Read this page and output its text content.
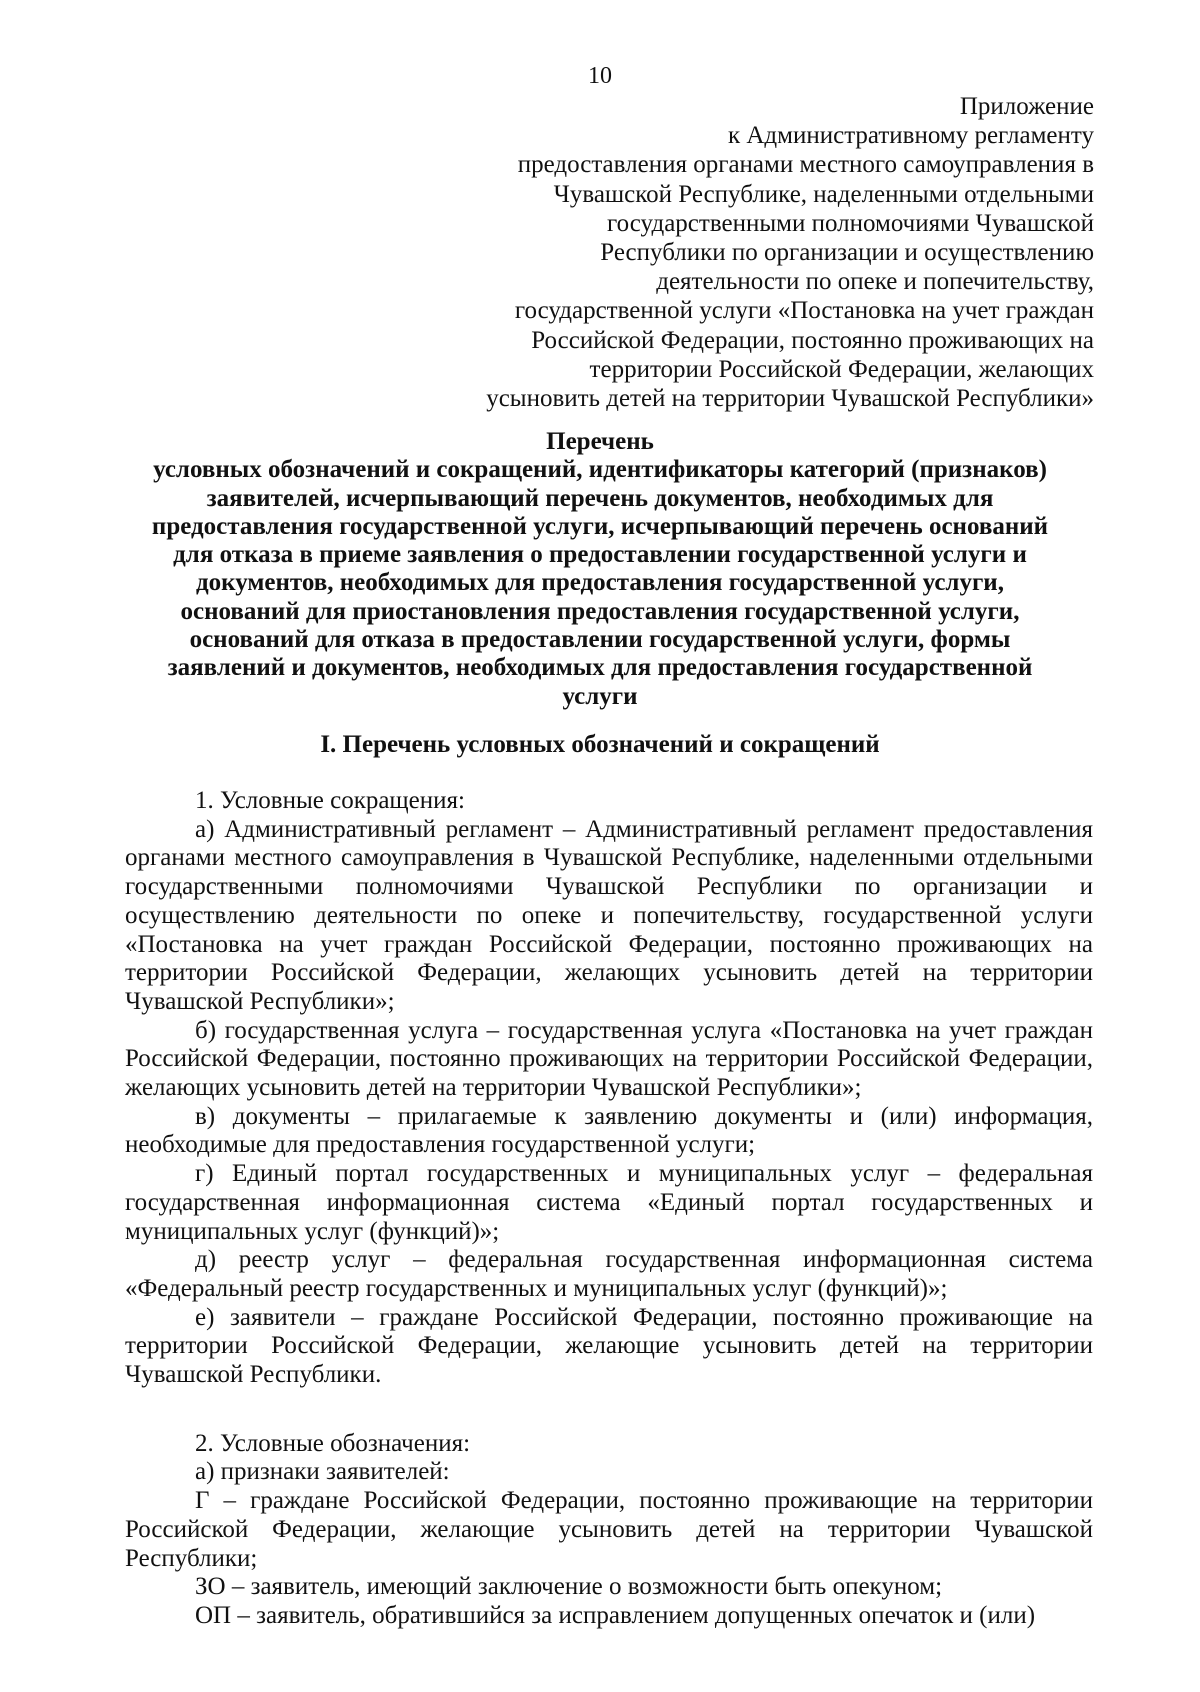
10
Приложение
к Административному регламенту
предоставления органами местного самоуправления в
Чувашской Республике, наделенными отдельными
государственными полномочиями Чувашской
Республики по организации и осуществлению
деятельности по опеке и попечительству,
государственной услуги «Постановка на учет граждан
Российской Федерации, постоянно проживающих на
территории Российской Федерации, желающих
усыновить детей на территории Чувашской Республики»
Перечень
условных обозначений и сокращений, идентификаторы категорий (признаков)
заявителей, исчерпывающий перечень документов, необходимых для
предоставления государственной услуги, исчерпывающий перечень оснований
для отказа в приеме заявления о предоставлении государственной услуги и
документов, необходимых для предоставления государственной услуги,
оснований для приостановления предоставления государственной услуги,
оснований для отказа в предоставлении государственной услуги, формы
заявлений и документов, необходимых для предоставления государственной
услуги
I. Перечень условных обозначений и сокращений

1. Условные сокращения:

а) Административный регламент – Административный регламент предоставления органами местного самоуправления в Чувашской Республике, наделенными отдельными государственными полномочиями Чувашской Республики по организации и осуществлению деятельности по опеке и попечительству, государственной услуги «Постановка на учет граждан Российской Федерации, постоянно проживающих на территории Российской Федерации, желающих усыновить детей на территории Чувашской Республики»;

б) государственная услуга – государственная услуга «Постановка на учет граждан Российской Федерации, постоянно проживающих на территории Российской Федерации, желающих усыновить детей на территории Чувашской Республики»;

в) документы – прилагаемые к заявлению документы и (или) информация, необходимые для предоставления государственной услуги;

г) Единый портал государственных и муниципальных услуг – федеральная государственная информационная система «Единый портал государственных и муниципальных услуг (функций)»;

д) реестр услуг – федеральная государственная информационная система «Федеральный реестр государственных и муниципальных услуг (функций)»;

е) заявители – граждане Российской Федерации, постоянно проживающие на территории Российской Федерации, желающие усыновить детей на территории Чувашской Республики.

2. Условные обозначения:

а) признаки заявителей:

Г – граждане Российской Федерации, постоянно проживающие на территории Российской Федерации, желающие усыновить детей на территории Чувашской Республики;

ЗО – заявитель, имеющий заключение о возможности быть опекуном;

ОП – заявитель, обратившийся за исправлением допущенных опечаток и (или)
